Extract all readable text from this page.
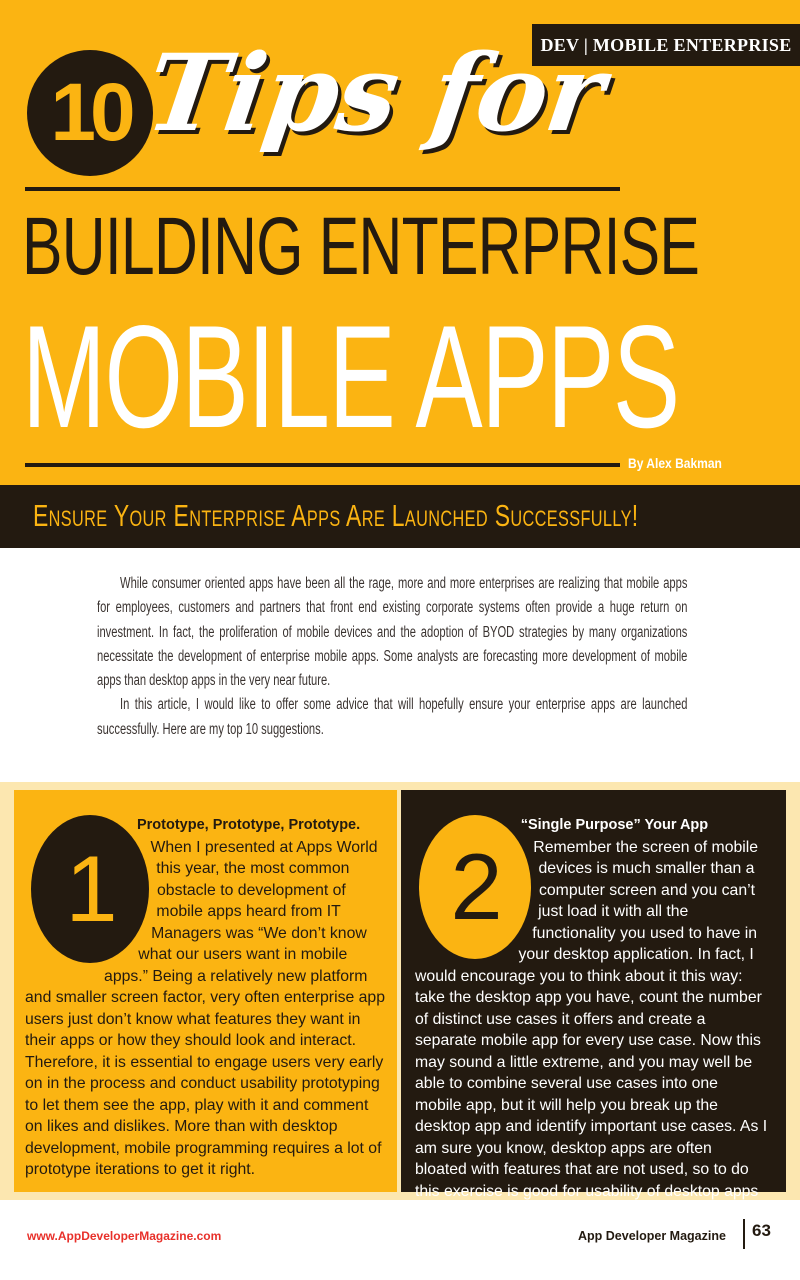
DEV | MOBILE ENTERPRISE
10 Tips for
BUILDING ENTERPRISE
MOBILE APPS
By Alex Bakman
Ensure Your Enterprise Apps Are Launched Successfully!

While consumer oriented apps have been all the rage, more and more enterprises are realizing that mobile apps for employees, customers and partners that front end existing corporate systems often provide a huge return on investment. In fact, the proliferation of mobile devices and the adoption of BYOD strategies by many organizations necessitate the development of enterprise mobile apps. Some analysts are forecasting more development of mobile apps than desktop apps in the very near future.

In this article, I would like to offer some advice that will hopefully ensure your enterprise apps are launched successfully. Here are my top 10 suggestions.

1
Prototype, Prototype, Prototype.

When I presented at Apps World this year, the most common obstacle to development of mobile apps heard from IT Managers was “We don’t know what our users want in mobile apps.” Being a relatively new platform and smaller screen factor, very often enterprise app users just don’t know what features they want in their apps or how they should look and interact. Therefore, it is essential to engage users very early on in the process and conduct usability prototyping to let them see the app, play with it and comment on likes and dislikes. More than with desktop development, mobile programming requires a lot of prototype iterations to get it right.

2
“Single Purpose” Your App

Remember the screen of mobile devices is much smaller than a computer screen and you can’t just load it with all the functionality you used to have in your desktop application. In fact, I would encourage you to think about it this way: take the desktop app you have, count the number of distinct use cases it offers and create a separate mobile app for every use case. Now this may sound a little extreme, and you may well be able to combine several use cases into one mobile app, but it will help you break up the desktop app and identify important use cases. As I am sure you know, desktop apps are often bloated with features that are not used, so to do this exercise is good for usability of desktop apps as well.

www.AppDeveloperMagazine.com	App Developer Magazine 63
